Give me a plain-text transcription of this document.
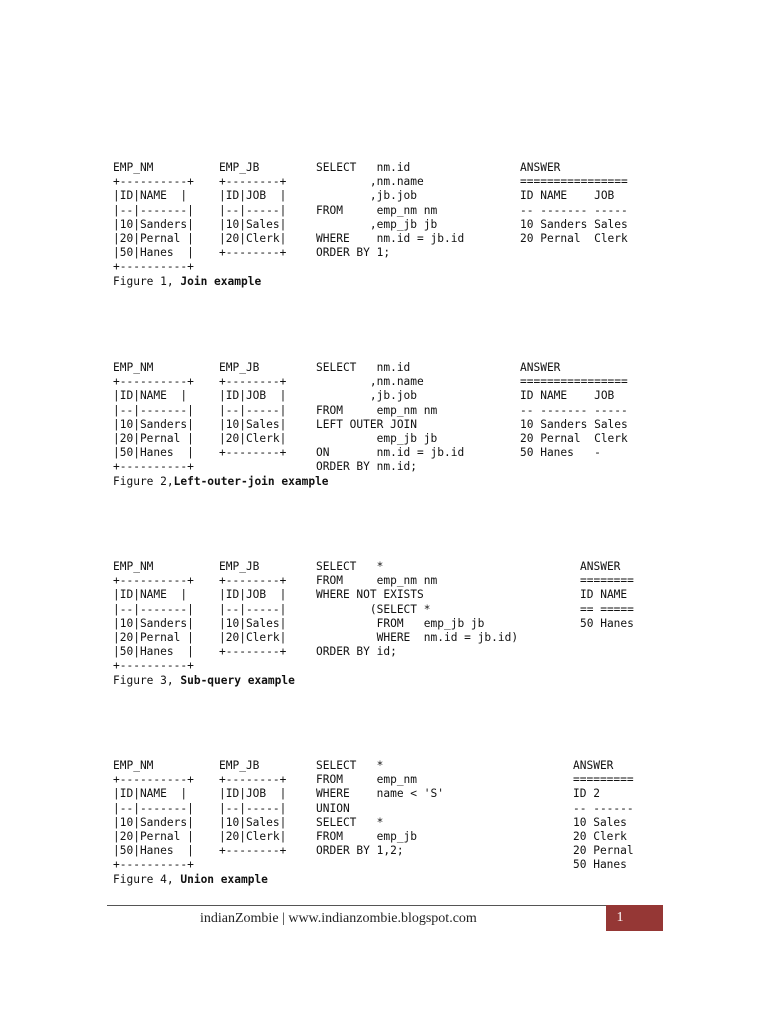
EMP_NM
+----------+
|ID|NAME  |
|--|-------|
|10|Sanders|
|20|Pernal |
|50|Hanes  |
+----------+

EMP_JB
+--------+
|ID|JOB  |
|--|-----|
|10|Sales|
|20|Clerk|
+--------+

SELECT   nm.id
,nm.name
,jb.job
FROM     emp_nm nm
,emp_jb jb
WHERE    nm.id = jb.id
ORDER BY 1;

ANSWER
================
ID NAME    JOB
-- ------- -----
10 Sanders Sales
20 Pernal  Clerk

Figure 1, Join example

EMP_NM
+----------+
|ID|NAME  |
|--|-------|
|10|Sanders|
|20|Pernal |
|50|Hanes  |
+----------+

EMP_JB
+--------+
|ID|JOB  |
|--|-----|
|10|Sales|
|20|Clerk|
+--------+

SELECT   nm.id
,nm.name
,jb.job
FROM     emp_nm nm
LEFT OUTER JOIN
emp_jb jb
ON       nm.id = jb.id
ORDER BY nm.id;

ANSWER
================
ID NAME    JOB
-- ------- -----
10 Sanders Sales
20 Pernal  Clerk
50 Hanes   -

Figure 2,Left-outer-join example

EMP_NM
+----------+
|ID|NAME  |
|--|-------|
|10|Sanders|
|20|Pernal |
|50|Hanes  |
+----------+

EMP_JB
+--------+
|ID|JOB  |
|--|-----|
|10|Sales|
|20|Clerk|
+--------+

SELECT   *
FROM     emp_nm nm
WHERE NOT EXISTS
(SELECT *
FROM   emp_jb jb
WHERE  nm.id = jb.id)
ORDER BY id;

ANSWER
========
ID NAME
== =====
50 Hanes

Figure 3, Sub-query example

EMP_NM
+----------+
|ID|NAME  |
|--|-------|
|10|Sanders|
|20|Pernal |
|50|Hanes  |
+----------+

EMP_JB
+--------+
|ID|JOB  |
|--|-----|
|10|Sales|
|20|Clerk|
+--------+

SELECT   *
FROM     emp_nm
WHERE    name < 'S'
UNION
SELECT   *
FROM     emp_jb
ORDER BY 1,2;

ANSWER
=========
ID 2
-- ------
10 Sales
20 Clerk
20 Pernal
50 Hanes

Figure 4, Union example

indianZombie | www.indianzombie.blogspot.com	1
